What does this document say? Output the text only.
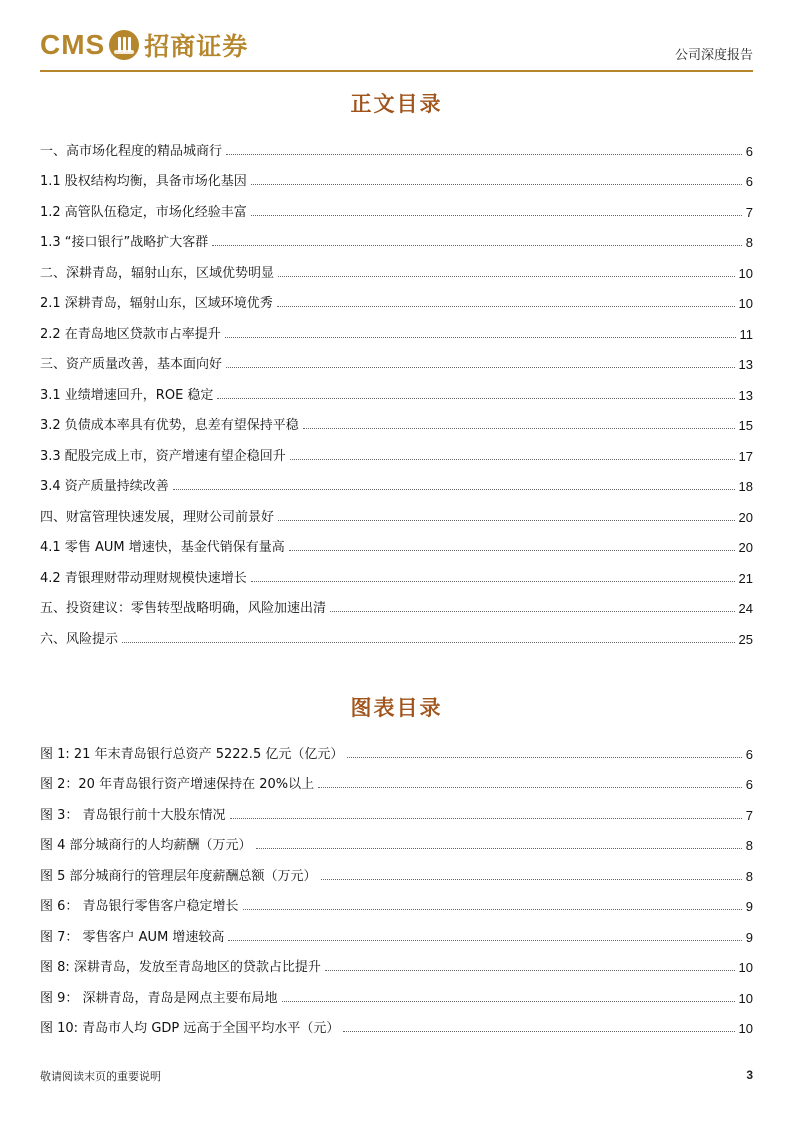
CMS 招商证券	公司深度报告
正文目录
一、高市场化程度的精品城商行	6
1.1 股权结构均衡，具备市场化基因	6
1.2 高管队伍稳定，市场化经验丰富	7
1.3 “接口银行”战略扩大客群	8
二、深耕青岛，辐射山东，区域优势明显	10
2.1 深耕青岛，辐射山东，区域环境优秀	10
2.2 在青岛地区贷款市占率提升	11
三、资产质量改善，基本面向好	13
3.1 业绩增速回升，ROE 稳定	13
3.2 负债成本率具有优势，息差有望保持平稳	15
3.3 配股完成上市，资产增速有望企稳回升	17
3.4 资产质量持续改善	18
四、财富管理快速发展，理财公司前景好	20
4.1 零售 AUM 增速快，基金代销保有量高	20
4.2 青银理财带动理财规模快速增长	21
五、投资建议：零售转型战略明确，风险加速出清	24
六、风险提示	25
图表目录
图 1: 21 年末青岛银行总资产 5222.5 亿元（亿元）	6
图 2：20 年青岛银行资产增速保持在 20%以上	6
图 3： 青岛银行前十大股东情况	7
图 4 部分城商行的人均薪酬（万元）	8
图 5 部分城商行的管理层年度薪酬总额（万元）	8
图 6： 青岛银行零售客户稳定增长	9
图 7： 零售客户 AUM 增速较高	9
图 8: 深耕青岛，发放至青岛地区的贷款占比提升	10
图 9： 深耕青岛，青岛是网点主要布局地	10
图 10: 青岛市人均 GDP 远高于全国平均水平（元）	10
敬请阅读末页的重要说明	3
